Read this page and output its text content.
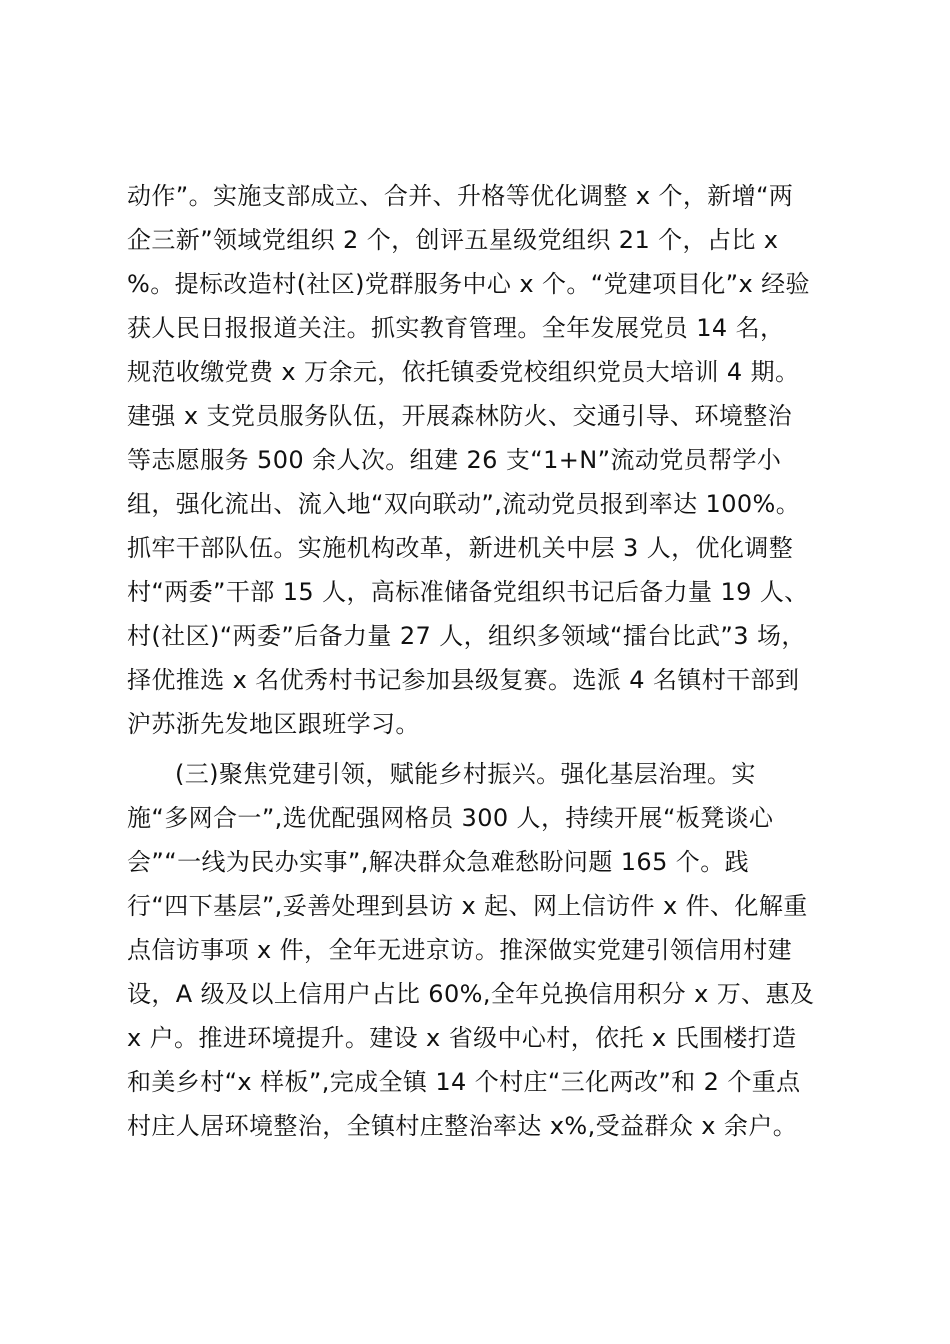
动作”。实施支部成立、合并、升格等优化调整 x 个，新增“两
企三新”领域党组织 2 个，创评五星级党组织 21 个，占比 x
%。提标改造村(社区)党群服务中心 x 个。“党建项目化”x 经验
获人民日报报道关注。抓实教育管理。全年发展党员 14 名，
规范收缴党费 x 万余元，依托镇委党校组织党员大培训 4 期。
建强 x 支党员服务队伍，开展森林防火、交通引导、环境整治
等志愿服务 500 余人次。组建 26 支“1+N”流动党员帮学小
组，强化流出、流入地“双向联动”,流动党员报到率达 100%。
抓牢干部队伍。实施机构改革，新进机关中层 3 人，优化调整
村“两委”干部 15 人，高标准储备党组织书记后备力量 19 人、
村(社区)“两委”后备力量 27 人，组织多领域“擂台比武”3 场，
择优推选 x 名优秀村书记参加县级复赛。选派 4 名镇村干部到
沪苏浙先发地区跟班学习。
(三)聚焦党建引领，赋能乡村振兴。强化基层治理。实
施“多网合一”,选优配强网格员 300 人，持续开展“板凳谈心
会”“一线为民办实事”,解决群众急难愁盼问题 165 个。践
行“四下基层”,妥善处理到县访 x 起、网上信访件 x 件、化解重
点信访事项 x 件，全年无进京访。推深做实党建引领信用村建
设，A 级及以上信用户占比 60%,全年兑换信用积分 x 万、惠及
x 户。推进环境提升。建设 x 省级中心村，依托 x 氏围楼打造
和美乡村“x 样板”,完成全镇 14 个村庄“三化两改”和 2 个重点
村庄人居环境整治，全镇村庄整治率达 x%,受益群众 x 余户。
